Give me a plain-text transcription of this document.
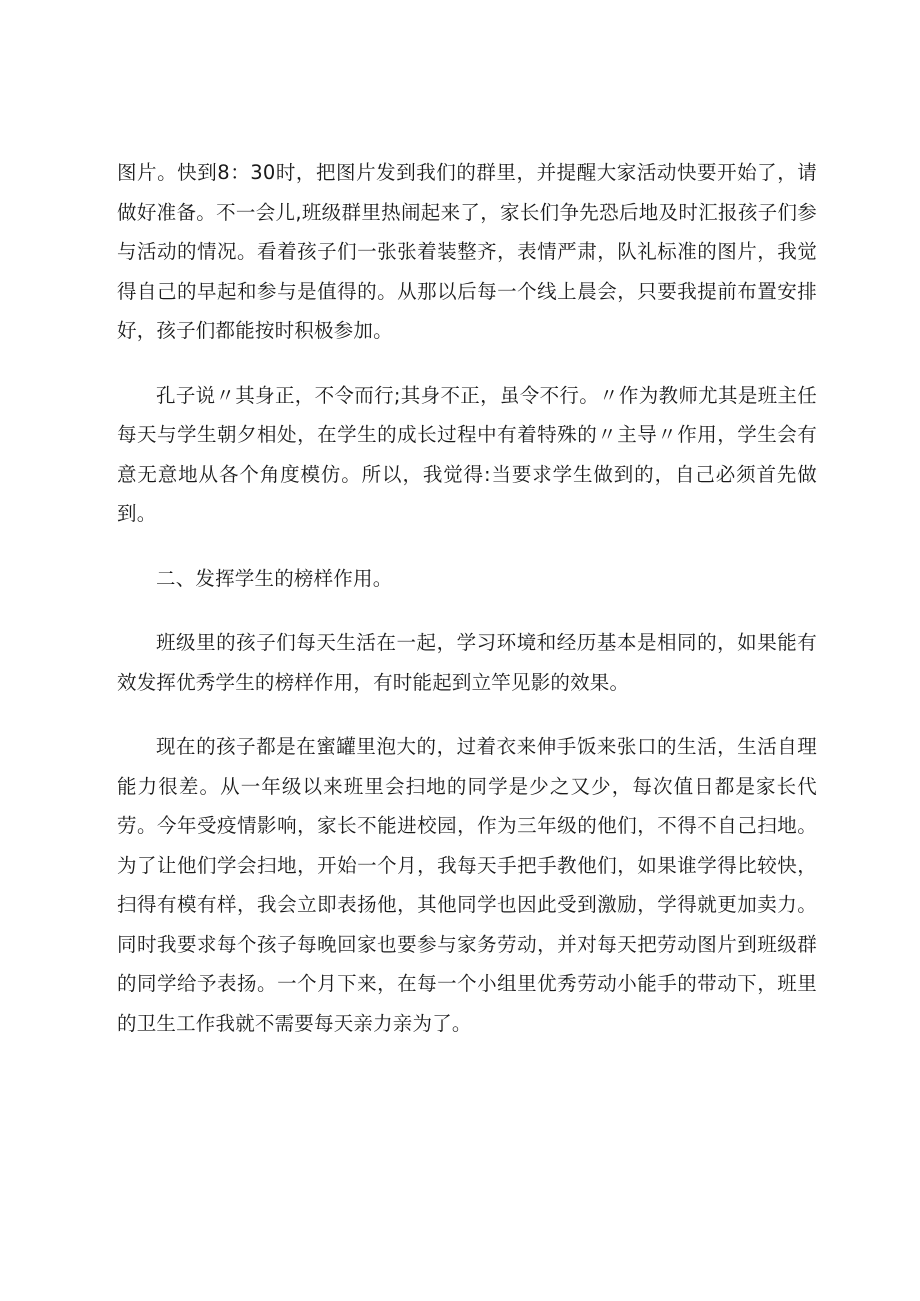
图片。快到8：30时，把图片发到我们的群里，并提醒大家活动快要开始了，请做好准备。不一会儿,班级群里热闹起来了，家长们争先恐后地及时汇报孩子们参与活动的情况。看着孩子们一张张着装整齐，表情严肃，队礼标准的图片，我觉得自己的早起和参与是值得的。从那以后每一个线上晨会，只要我提前布置安排好，孩子们都能按时积极参加。

孔子说〃其身正，不令而行;其身不正，虽令不行。〃作为教师尤其是班主任每天与学生朝夕相处，在学生的成长过程中有着特殊的〃主导〃作用，学生会有意无意地从各个角度模仿。所以，我觉得:当要求学生做到的，自己必须首先做到。

二、发挥学生的榜样作用。

班级里的孩子们每天生活在一起，学习环境和经历基本是相同的，如果能有效发挥优秀学生的榜样作用，有时能起到立竿见影的效果。

现在的孩子都是在蜜罐里泡大的，过着衣来伸手饭来张口的生活，生活自理能力很差。从一年级以来班里会扫地的同学是少之又少，每次值日都是家长代劳。今年受疫情影响，家长不能进校园，作为三年级的他们，不得不自己扫地。为了让他们学会扫地，开始一个月，我每天手把手教他们，如果谁学得比较快，扫得有模有样，我会立即表扬他，其他同学也因此受到激励，学得就更加卖力。同时我要求每个孩子每晚回家也要参与家务劳动，并对每天把劳动图片到班级群的同学给予表扬。一个月下来，在每一个小组里优秀劳动小能手的带动下，班里的卫生工作我就不需要每天亲力亲为了。
